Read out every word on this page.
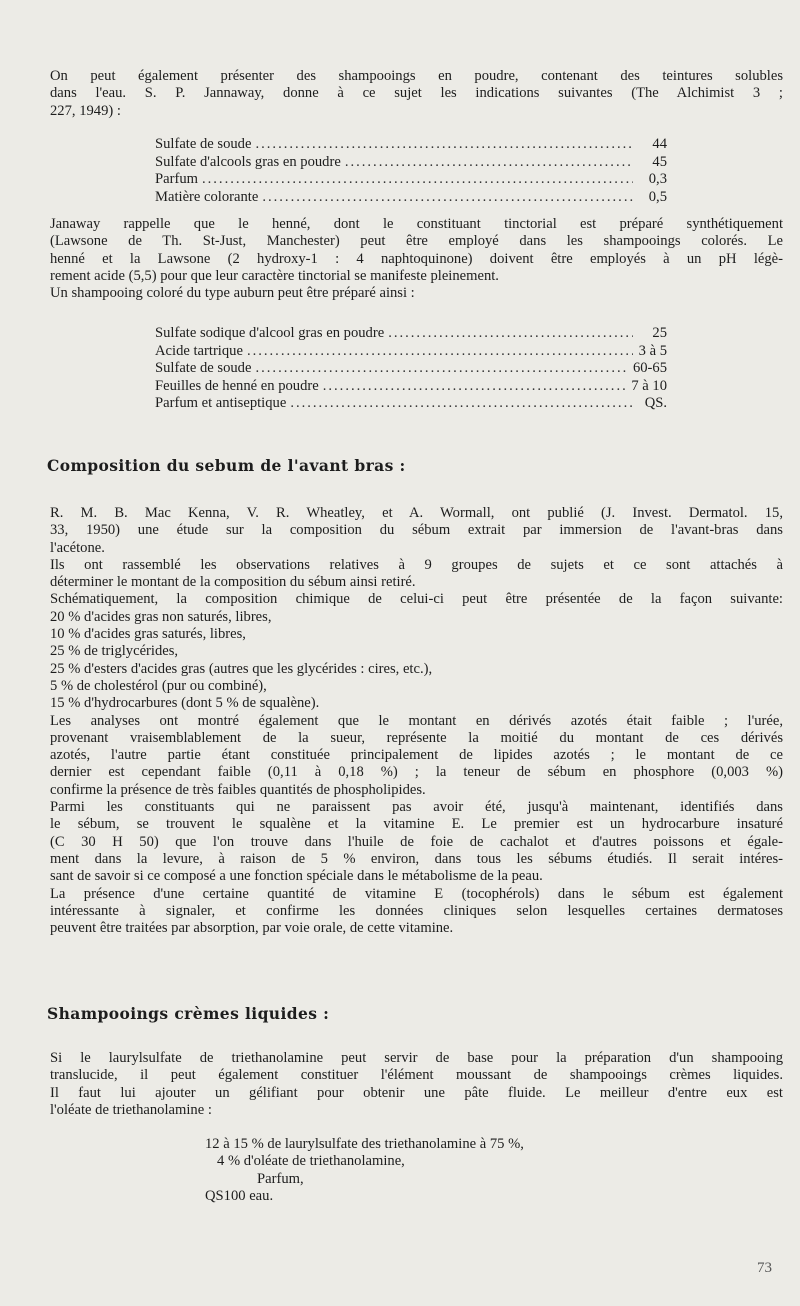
On peut également présenter des shampooings en poudre, contenant des teintures solubles
dans l'eau. S. P. Jannaway, donne à ce sujet les indications suivantes (The Alchimist 3 ;
227, 1949) :

Sulfate de soude .....	44
Sulfate d'alcools gras en poudre .....	45
Parfum .....	0,3
Matière colorante .....	0,5

Janaway rappelle que le henné, dont le constituant tinctorial est préparé synthétiquement
(Lawsone de Th. St-Just, Manchester) peut être employé dans les shampooings colorés. Le
henné et la Lawsone (2 hydroxy-1 : 4 naphtoquinone) doivent être employés à un pH légè-
rement acide (5,5) pour que leur caractère tinctorial se manifeste pleinement.
Un shampooing coloré du type auburn peut être préparé ainsi :

Sulfate sodique d'alcool gras en poudre .....	25
Acide tartrique .....	3 à 5
Sulfate de soude .....	60-65
Feuilles de henné en poudre .....	7 à 10
Parfum et antiseptique .....	QS.
Composition du sebum de l'avant bras :

R. M. B. Mac Kenna, V. R. Wheatley, et A. Wormall, ont publié (J. Invest. Dermatol. 15,
33, 1950) une étude sur la composition du sébum extrait par immersion de l'avant-bras dans
l'acétone.
Ils ont rassemblé les observations relatives à 9 groupes de sujets et ce sont attachés à
déterminer le montant de la composition du sébum ainsi retiré.
Schématiquement, la composition chimique de celui-ci peut être présentée de la façon suivante:
20 % d'acides gras non saturés, libres,
10 % d'acides gras saturés, libres,
25 % de triglycérides,
25 % d'esters d'acides gras (autres que les glycérides : cires, etc.),
5 % de cholestérol (pur ou combiné),
15 % d'hydrocarbures (dont 5 % de squalène).
Les analyses ont montré également que le montant en dérivés azotés était faible ; l'urée,
provenant vraisemblablement de la sueur, représente la moitié du montant de ces dérivés
azotés, l'autre partie étant constituée principalement de lipides azotés ; le montant de ce
dernier est cependant faible (0,11 à 0,18 %) ; la teneur de sébum en phosphore (0,003 %)
confirme la présence de très faibles quantités de phospholipides.
Parmi les constituants qui ne paraissent pas avoir été, jusqu'à maintenant, identifiés dans
le sébum, se trouvent le squalène et la vitamine E. Le premier est un hydrocarbure insaturé
(C 30 H 50) que l'on trouve dans l'huile de foie de cachalot et d'autres poissons et égale-
ment dans la levure, à raison de 5 % environ, dans tous les sébums étudiés. Il serait intéres-
sant de savoir si ce composé a une fonction spéciale dans le métabolisme de la peau.
La présence d'une certaine quantité de vitamine E (tocophérols) dans le sébum est également
intéressante à signaler, et confirme les données cliniques selon lesquelles certaines dermatoses
peuvent être traitées par absorption, par voie orale, de cette vitamine.

Shampooings crèmes liquides :

Si le laurylsulfate de triethanolamine peut servir de base pour la préparation d'un shampooing
translucide, il peut également constituer l'élément moussant de shampooings crèmes liquides.
Il faut lui ajouter un gélifiant pour obtenir une pâte fluide. Le meilleur d'entre eux est
l'oléate de triethanolamine :

12 à 15 % de laurylsulfate des triethanolamine à 75 %,
4 % d'oléate de triethanolamine,
Parfum,
QS100 eau.
73
